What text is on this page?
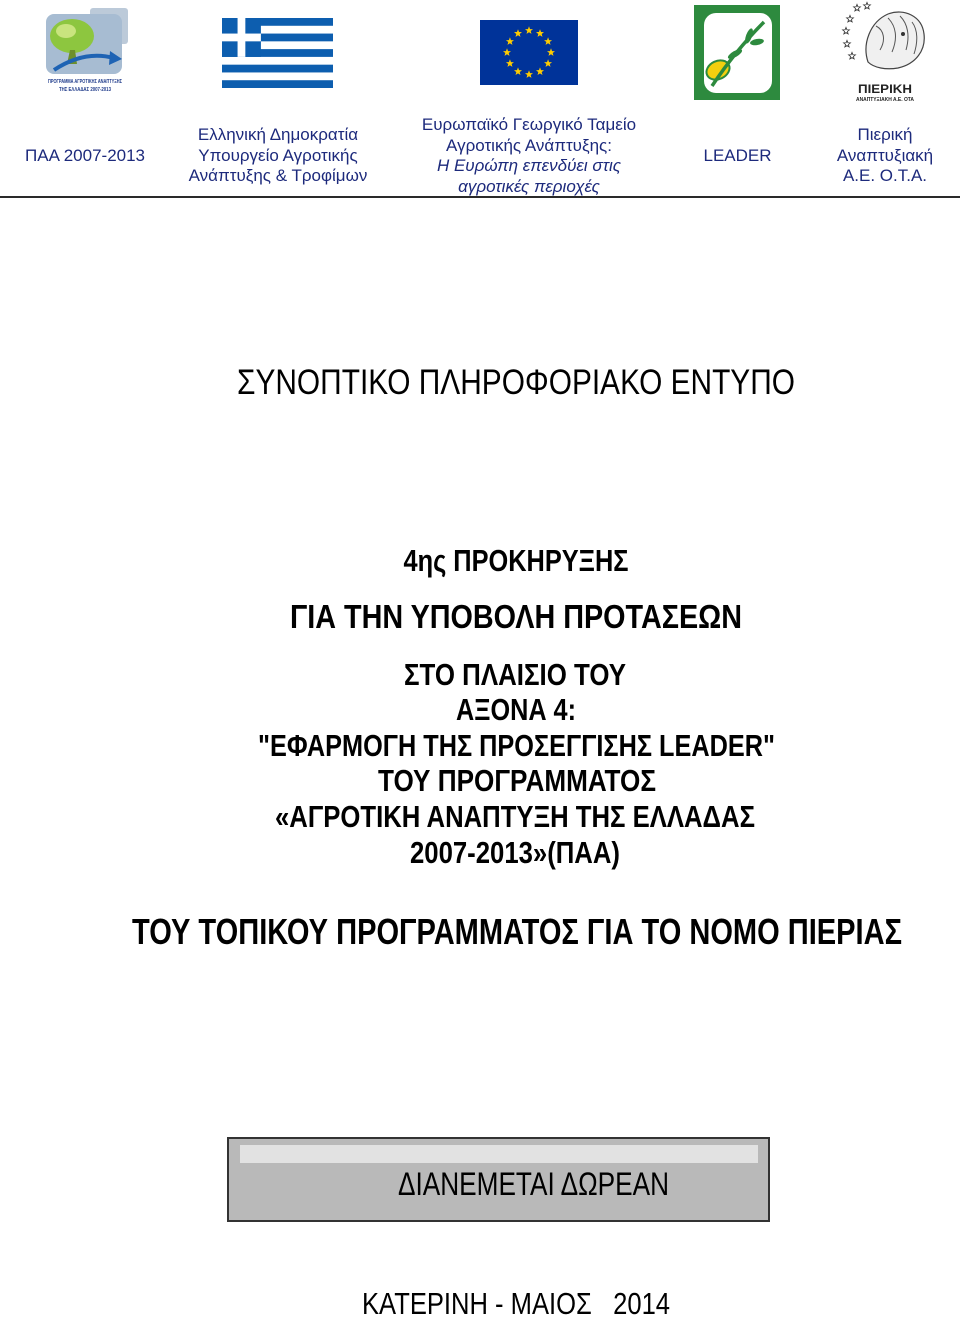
ΠΡΟΓΡΑΜΜΑ ΑΓΡΟΤΙΚΗΣ ΑΝΑΠΤΥΞΗΣ
ΤΗΣ ΕΛΛΑΔΑΣ 2007-2013	ΠΙΕΡΙΚΗ
ΑΝΑΠΤΥΞΙΑΚΗ Α.Ε. ΟΤΑ
ΣΥΝΟΠΤΙΚΟ ΠΛΗΡΟΦΟΡΙΑΚΟ ΕΝΤΥΠΟ
4ης ΠΡΟΚΗΡΥΞΗΣ
ΓΙΑ ΤΗΝ ΥΠΟΒΟΛΗ ΠΡΟΤΑΣΕΩΝ
ΣΤΟ ΠΛΑΙΣΙΟ ΤΟΥ
ΑΞΟΝΑ 4:
"ΕΦΑΡΜΟΓΗ ΤΗΣ ΠΡΟΣΕΓΓΙΣΗΣ LEADER"
ΤΟΥ ΠΡΟΓΡΑΜΜΑΤΟΣ
«ΑΓΡΟΤΙΚΗ ΑΝΑΠΤΥΞΗ ΤΗΣ ΕΛΛΑΔΑΣ
2007-2013»(ΠΑΑ)
ΤΟΥ ΤΟΠΙΚΟΥ ΠΡΟΓΡΑΜΜΑΤΟΣ ΓΙΑ ΤΟ ΝΟΜΟ ΠΙΕΡΙΑΣ
ΔΙΑΝΕΜΕΤΑΙ ΔΩΡΕΑΝ
ΚΑΤΕΡΙΝΗ - ΜΑΙΟΣ   2014
ΠΑΑ 2007-2013
Ελληνική Δημοκρατία
Υπουργείο Αγροτικής
Ανάπτυξης & Τροφίμων
Ευρωπαϊκό Γεωργικό Ταμείο
Αγροτικής Ανάπτυξης:
Η Ευρώπη επενδύει στις
αγροτικές περιοχές
LEADER
Πιερική
Αναπτυξιακή
Α.Ε. Ο.Τ.Α.
